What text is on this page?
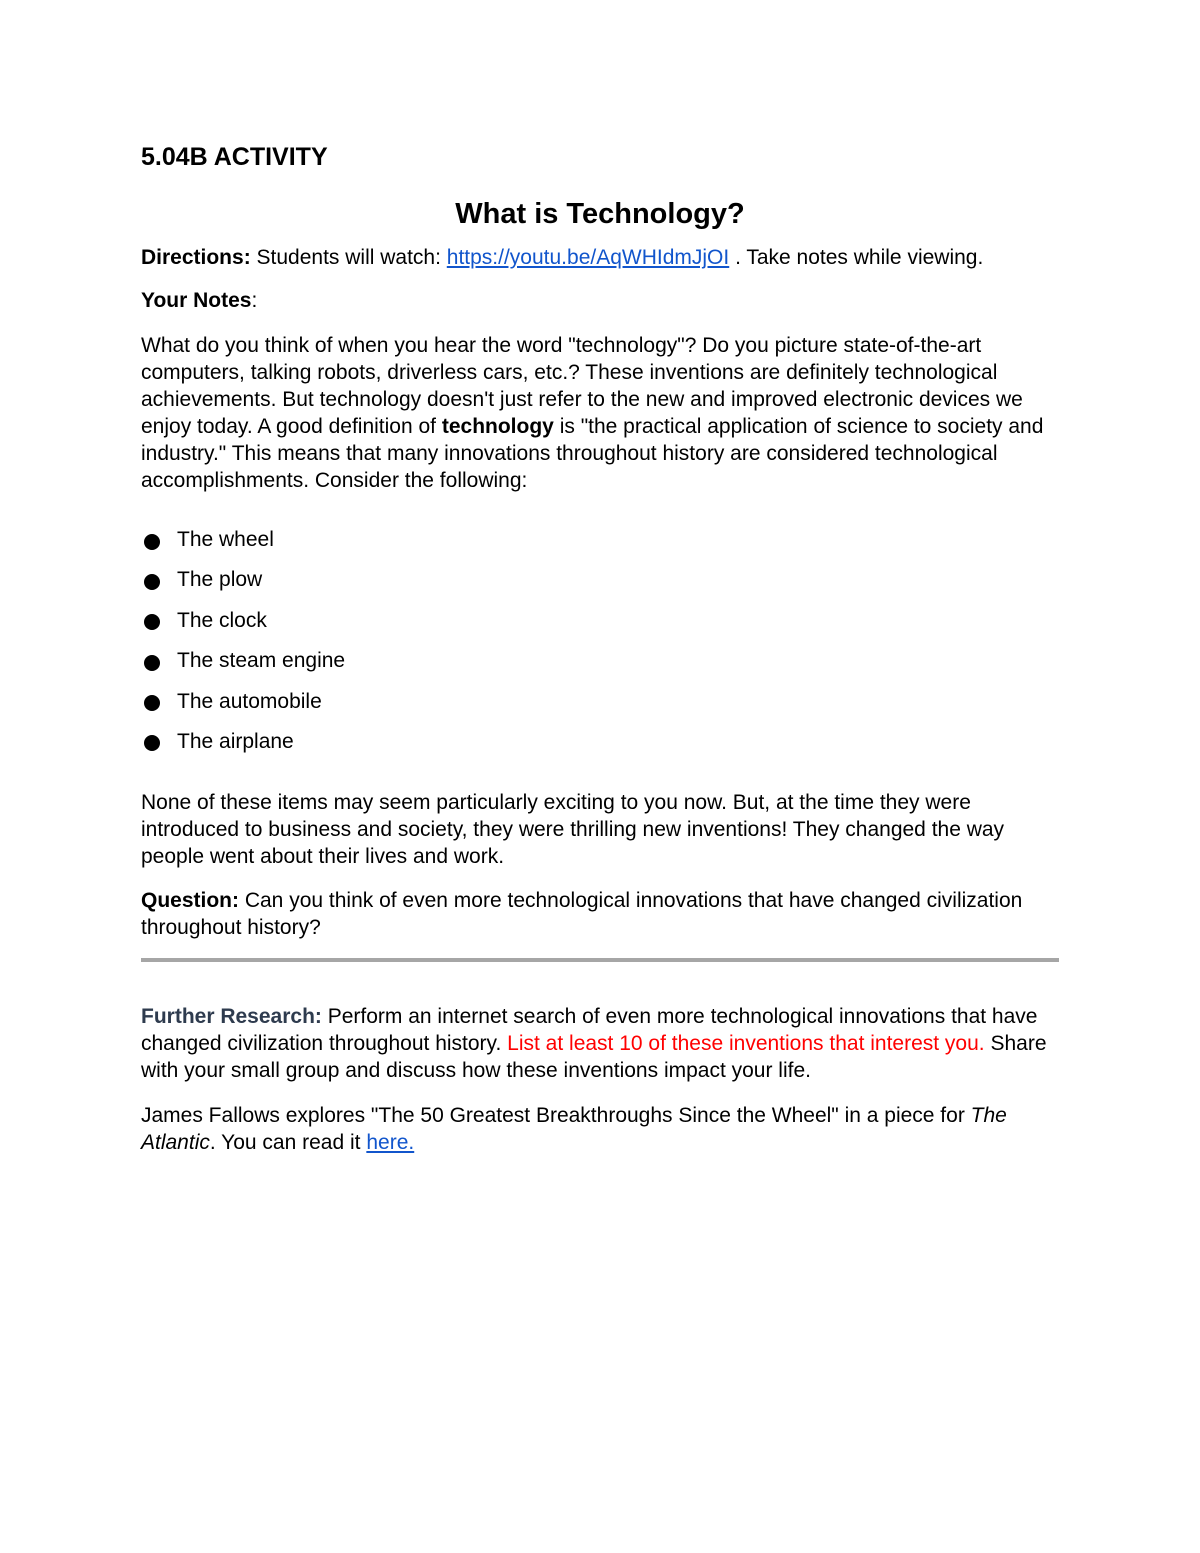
5.04B ACTIVITY
What is Technology?

Directions: Students will watch: https://youtu.be/AqWHIdmJjOI . Take notes while viewing.

Your Notes:

What do you think of when you hear the word "technology"? Do you picture state-of-the-art computers, talking robots, driverless cars, etc.? These inventions are definitely technological achievements. But technology doesn't just refer to the new and improved electronic devices we enjoy today. A good definition of technology is "the practical application of science to society and industry." This means that many innovations throughout history are considered technological accomplishments. Consider the following:

The wheel
The plow
The clock
The steam engine
The automobile
The airplane

None of these items may seem particularly exciting to you now. But, at the time they were introduced to business and society, they were thrilling new inventions! They changed the way people went about their lives and work.

Question: Can you think of even more technological innovations that have changed civilization throughout history?

Further Research: Perform an internet search of even more technological innovations that have changed civilization throughout history. List at least 10 of these inventions that interest you. Share with your small group and discuss how these inventions impact your life.

James Fallows explores "The 50 Greatest Breakthroughs Since the Wheel" in a piece for The Atlantic. You can read it here.
